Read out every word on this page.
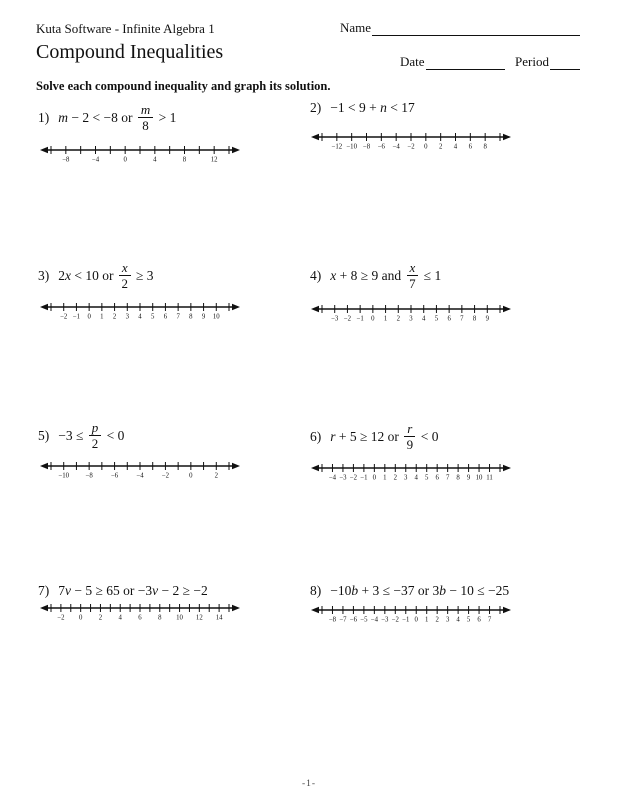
Kuta Software - Infinite Algebra 1	Name
Compound Inequalities	Date	Period
Solve each compound inequality and graph its solution.
1) m − 2 < −8 or $\frac{m}{8} > 1$
−8	−4	0	4	8	12
2) −1 < 9 + n < 17
−12 −10 −8 −6 −4 −2 0 2 4 6 8
3) 2 x < 10 or $\frac{x}{2} \ge 3$
−2 −1 0 1 2 3 4 5 6 7 8 9 10
4) x + 8 ≥ 9 and $\frac{x}{7} \le 1$
−3 −2 −1 0 1 2 3 4 5 6 7 8 9
$5) -3 \le \frac{p}{2} < 0$
−10 −8	−6	−4	−2	0	2
6) r + 5 ≥ 12 or $\frac{r}{9} < 0$
−4 −3 −2 −1 0 1 2 3 4 5 6 7 8 9 10 11
7) 7 v − 5 ≥ 65 or −3 v − 2 ≥ −2
−2 0 2 4 6 8 10 12 14
8) −10 b + 3 ≤ −37 or 3 b − 10 ≤ −25
−8 −7 −6 −5 −4 −3 −2 −1 0 1 2 3 4 5 6 7
-1-
